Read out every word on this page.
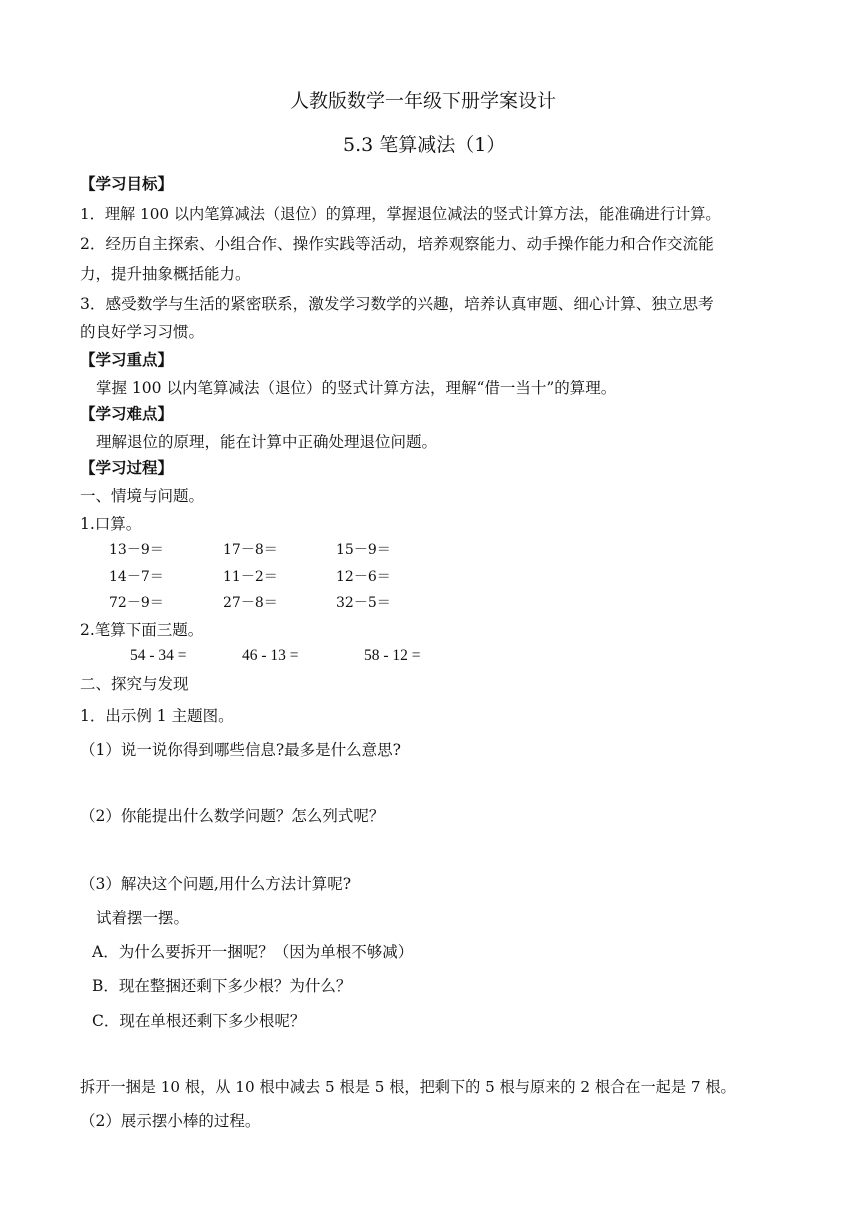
人教版数学一年级下册学案设计
5.3 笔算减法（1）
【学习目标】
1．理解 100 以内笔算减法（退位）的算理，掌握退位减法的竖式计算方法，能准确进行计算。
2．经历自主探索、小组合作、操作实践等活动，培养观察能力、动手操作能力和合作交流能
力，提升抽象概括能力。
3．感受数学与生活的紧密联系，激发学习数学的兴趣，培养认真审题、细心计算、独立思考
的良好学习习惯。
【学习重点】
掌握 100 以内笔算减法（退位）的竖式计算方法，理解“借一当十”的算理。
【学习难点】
理解退位的原理，能在计算中正确处理退位问题。
【学习过程】
一、情境与问题。
1.口算。
13－9＝	17－8＝	15－9＝
14－7＝	11－2＝	12－6＝
72－9＝	27－8＝	32－5＝
2.笔算下面三题。
54 - 34 =	46 - 13 =	58 - 12 =
二、探究与发现
1．出示例 1 主题图。
（1）说一说你得到哪些信息?最多是什么意思?
（2）你能提出什么数学问题？怎么列式呢？
（3）解决这个问题,用什么方法计算呢?
试着摆一摆。
A．为什么要拆开一捆呢？（因为单根不够减）
B．现在整捆还剩下多少根？为什么？
C．现在单根还剩下多少根呢？
拆开一捆是 10 根，从 10 根中减去 5 根是 5 根，把剩下的 5 根与原来的 2 根合在一起是 7 根。
（2）展示摆小棒的过程。
